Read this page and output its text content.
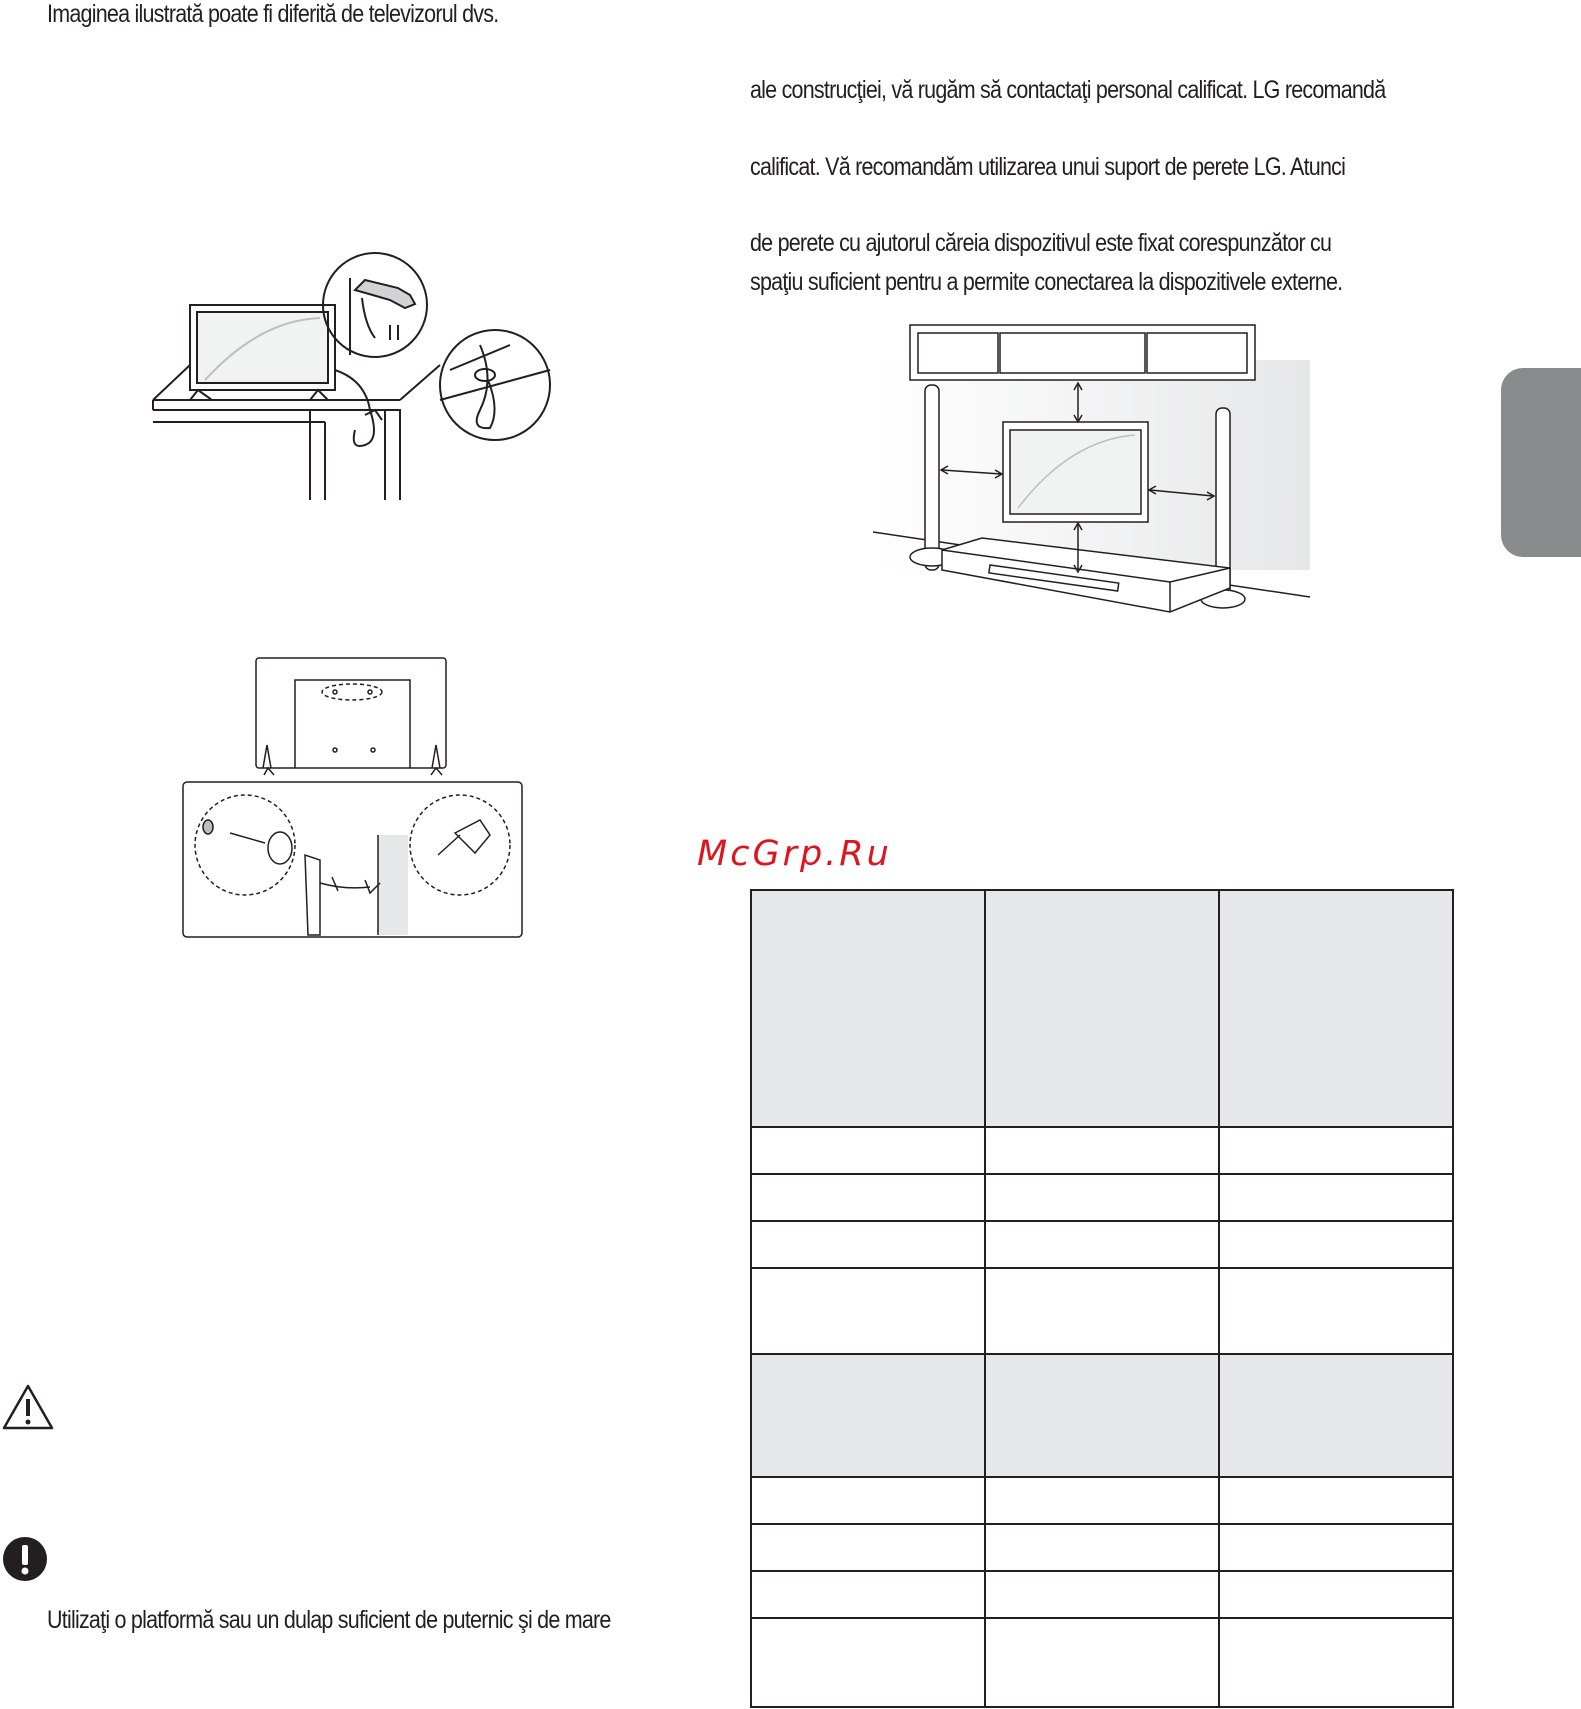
Imaginea ilustrată poate fi diferită de televizorul dvs.
ale construcţiei, vă rugăm să contactaţi personal calificat. LG recomandă
calificat. Vă recomandăm utilizarea unui suport de perete LG. Atunci
de perete cu ajutorul căreia dispozitivul este fixat corespunzător cu
spaţiu suficient pentru a permite conectarea la dispozitivele externe.
McGrp.Ru

Utilizaţi o platformă sau un dulap suficient de puternic şi de mare
